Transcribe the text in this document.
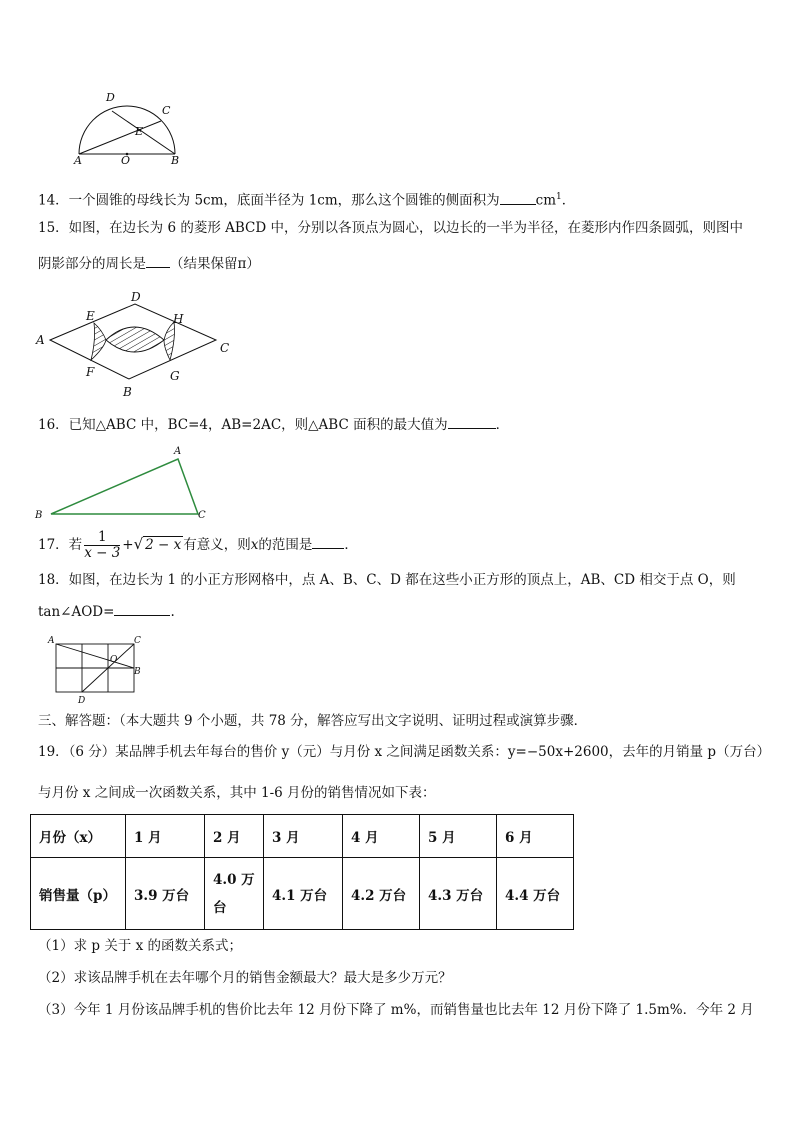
D
C
E
A	O	B
14．一个圆锥的母线长为 5cm，底面半径为 1cm，那么这个圆锥的侧面积为	$cm^1$．
15．如图，在边长为 6 的菱形 ABCD 中，分别以各顶点为圆心，以边长的一半为半径，在菱形内作四条圆弧，则图中
阴影部分的周长是 （结果保留π）
A
D
C
B
E
F
H
G
16．已知△ABC 中，BC=4，AB=2AC，则△ABC 面积的最大值为	．
B
A
C
17．若 $\frac{1}{x - 3}$ +√ 2 − x 有意义，则x的范围是 ．
18．如图，在边长为 1 的小正方形网格中，点 A、B、C、D 都在这些小正方形的顶点上，AB、CD 相交于点 O，则
tan∠AOD=	.
A	C
O
B
D
三、解答题：（本大题共 9 个小题，共 78 分，解答应写出文字说明、证明过程或演算步骤．
19．（6 分）某品牌手机去年每台的售价 y（元）与月份 x 之间满足函数关系：y=−50x+2600，去年的月销量 p（万台）
与月份 x 之间成一次函数关系，其中 1-6 月份的销售情况如下表：
月份（x）	1 月	2 月	3 月	4 月	5 月	6 月
销售量（p）	3.9 万台	4.0 万台	4.1 万台	4.2 万台	4.3 万台	4.4 万台
（1）求 p 关于 x 的函数关系式；
（2）求该品牌手机在去年哪个月的销售金额最大？最大是多少万元？
（3）今年 1 月份该品牌手机的售价比去年 12 月份下降了 m%，而销售量也比去年 12 月份下降了 1.5m%．今年 2 月
